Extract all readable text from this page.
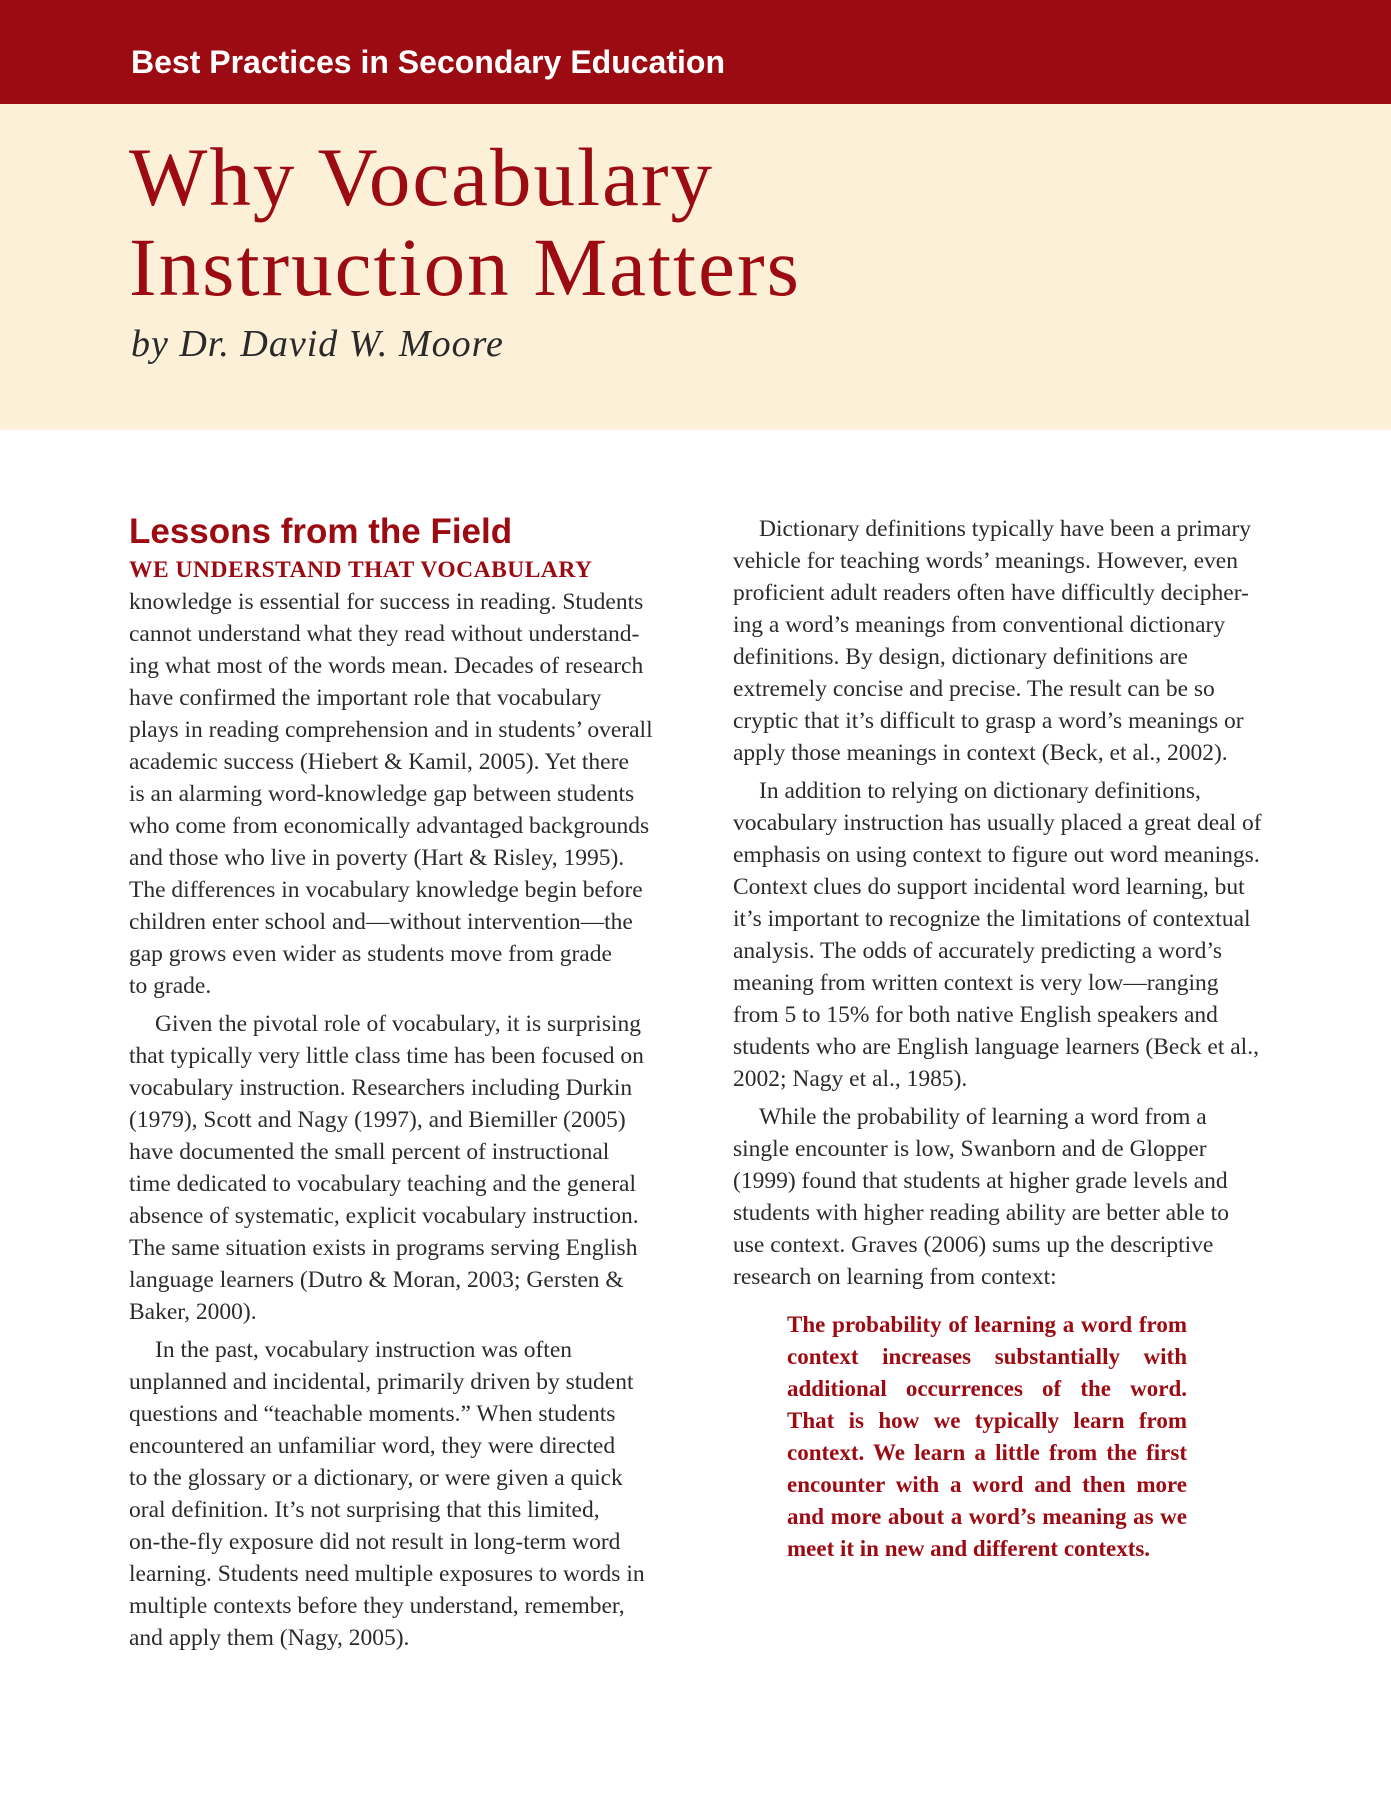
Best Practices in Secondary Education
Why Vocabulary
Instruction Matters
by Dr. David W. Moore
Lessons from the Field
WE UNDERSTAND THAT VOCABULARY
knowledge is essential for success in reading. Students
cannot understand what they read without understand-
ing what most of the words mean. Decades of research
have confirmed the important role that vocabulary
plays in reading comprehension and in students’ overall
academic success (Hiebert & Kamil, 2005). Yet there
is an alarming word-knowledge gap between students
who come from economically advantaged backgrounds
and those who live in poverty (Hart & Risley, 1995).
The differences in vocabulary knowledge begin before
children enter school and—without intervention—the
gap grows even wider as students move from grade
to grade.
Given the pivotal role of vocabulary, it is surprising
that typically very little class time has been focused on
vocabulary instruction. Researchers including Durkin
(1979), Scott and Nagy (1997), and Biemiller (2005)
have documented the small percent of instructional
time dedicated to vocabulary teaching and the general
absence of systematic, explicit vocabulary instruction.
The same situation exists in programs serving English
language learners (Dutro & Moran, 2003; Gersten &
Baker, 2000).
In the past, vocabulary instruction was often
unplanned and incidental, primarily driven by student
questions and “teachable moments.” When students
encountered an unfamiliar word, they were directed
to the glossary or a dictionary, or were given a quick
oral definition. It’s not surprising that this limited,
on-the-fly exposure did not result in long-term word
learning. Students need multiple exposures to words in
multiple contexts before they understand, remember,
and apply them (Nagy, 2005).
Dictionary definitions typically have been a primary
vehicle for teaching words’ meanings. However, even
proficient adult readers often have difficultly decipher-
ing a word’s meanings from conventional dictionary
definitions. By design, dictionary definitions are
extremely concise and precise. The result can be so
cryptic that it’s difficult to grasp a word’s meanings or
apply those meanings in context (Beck, et al., 2002).
In addition to relying on dictionary definitions,
vocabulary instruction has usually placed a great deal of
emphasis on using context to figure out word meanings.
Context clues do support incidental word learning, but
it’s important to recognize the limitations of contextual
analysis. The odds of accurately predicting a word’s
meaning from written context is very low—ranging
from 5 to 15% for both native English speakers and
students who are English language learners (Beck et al.,
2002; Nagy et al., 1985).
While the probability of learning a word from a
single encounter is low, Swanborn and de Glopper
(1999) found that students at higher grade levels and
students with higher reading ability are better able to
use context. Graves (2006) sums up the descriptive
research on learning from context:
The probability of learning a word from
context increases substantially with
additional occurrences of the word.
That is how we typically learn from
context. We learn a little from the first
encounter with a word and then more
and more about a word’s meaning as we
meet it in new and different contexts.
